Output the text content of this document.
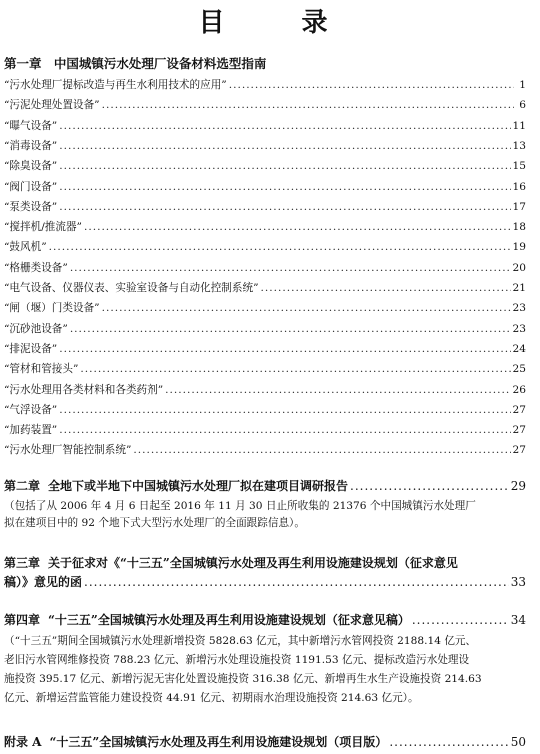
目 录
第一章 中国城镇污水处理厂设备材料选型指南
“污水处理厂提标改造与再生水利用技术的应用” .....	1
“污泥处理处置设备” .....	6
“曝气设备” .....	11
“消毒设备” .....	13
“除臭设备” .....	15
“阀门设备” .....	16
“泵类设备” .....	17
“搅拌机/推流器” .....	18
“鼓风机” .....	19
“格栅类设备” .....	20
“电气设备、仪器仪表、实验室设备与自动化控制系统” .....	21
“闸（堰）门类设备” .....	23
“沉砂池设备” .....	23
“排泥设备” .....	24
“管材和管接头” .....	25
“污水处理用各类材料和各类药剂” .....	26
“气浮设备” .....	27
“加药装置” .....	27
“污水处理厂智能控制系统” .....	27
第二章 全地下或半地下中国城镇污水处理厂拟在建项目调研报告 .....	29
（包括了从 2006 年 4 月 6 日起至 2016 年 11 月 30 日止所收集的 21376 个中国城镇污水处理厂
拟在建项目中的 92 个地下式大型污水处理厂的全面跟踪信息）。
第三章 关于征求对《“十三五”全国城镇污水处理及再生利用设施建设规划（征求意见
稿）》意见的函 .....	33
第四章 “十三五”全国城镇污水处理及再生利用设施建设规划（征求意见稿） .....	34
（“十三五”期间全国城镇污水处理新增投资 5828.63 亿元，其中新增污水管网投资 2188.14 亿元、
老旧污水管网维修投资 788.23 亿元、新增污水处理设施投资 1191.53 亿元、提标改造污水处理设
施投资 395.17 亿元、新增污泥无害化处置设施投资 316.38 亿元、新增再生水生产设施投资 214.63
亿元、新增运营监管能力建设投资 44.91 亿元、初期雨水治理设施投资 214.63 亿元）。
附录 A “十三五”全国城镇污水处理及再生利用设施建设规划（项目版） .....	50
